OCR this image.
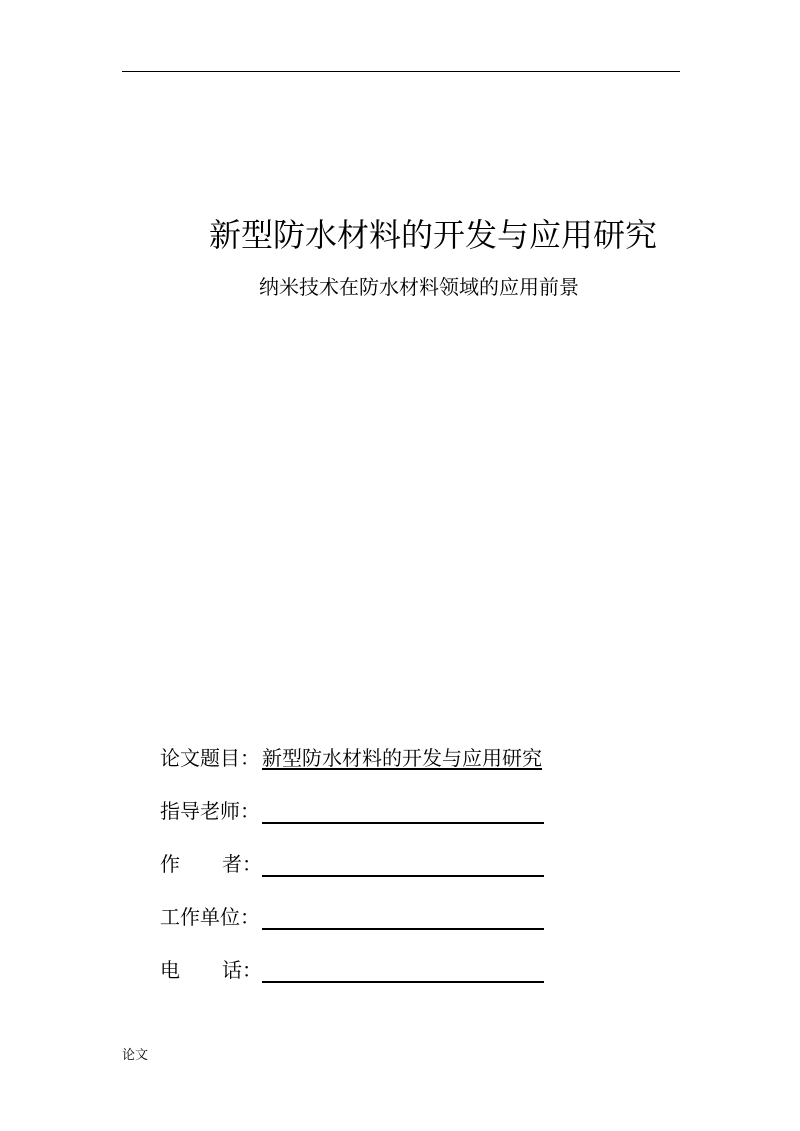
新型防水材料的开发与应用研究

纳米技术在防水材料领域的应用前景

论文题目： 新型防水材料的开发与应用研究
指导老师：
作 者：
工作单位：
电 话：
论文
